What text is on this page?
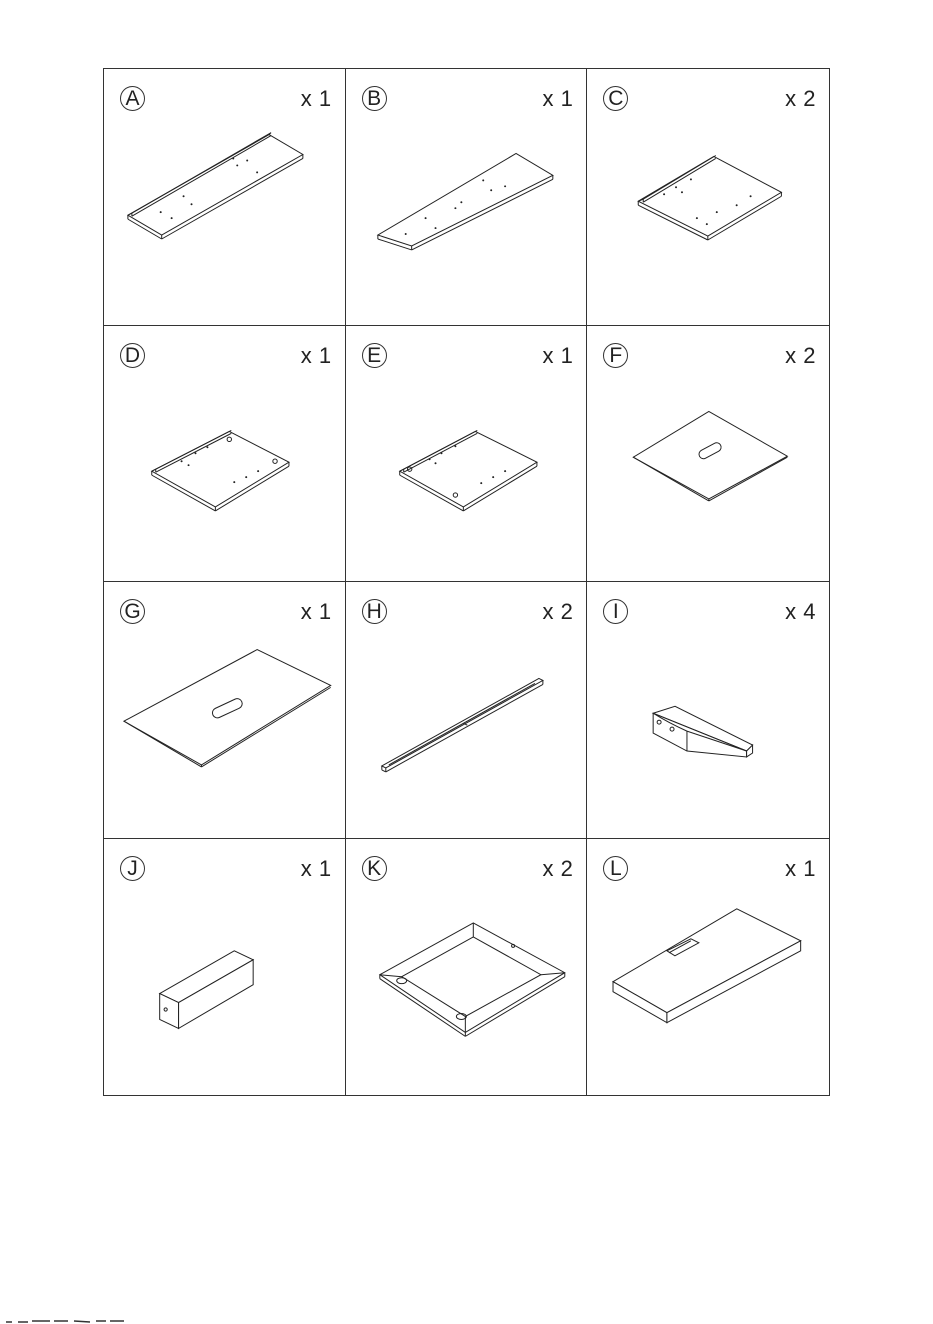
A	x 1 B	x 1 C	x 2
D	x 1 E	x 1 F	x 2
G	x 1 H	x 2	I	x 4
J	x 1 K	x 2	L	x 1
